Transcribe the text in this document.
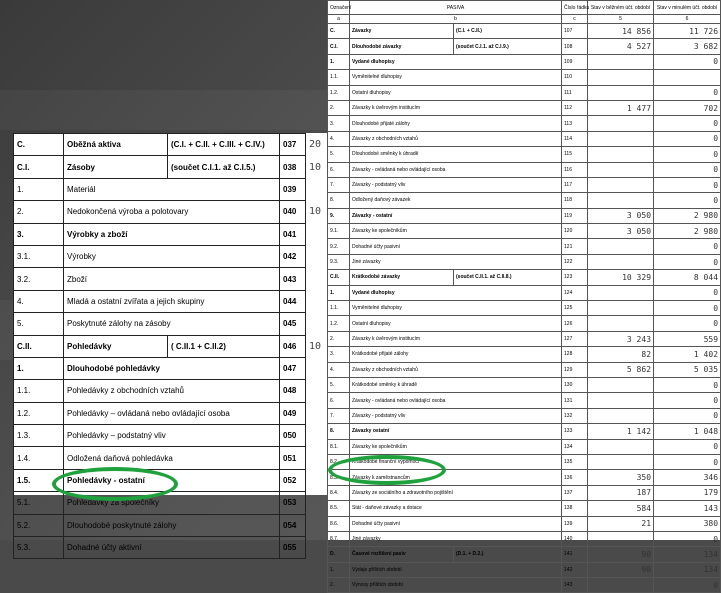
C.	Oběžná aktiva	(C.I. + C.II. + C.III. + C.IV.)	037	20
C.I.	Zásoby	(součet C.I.1. až C.I.5.)	038	10
1.	Materiál		039	
2.	Nedokončená výroba a polotovary		040	10
3.	Výrobky a zboží		041	
3.1.	Výrobky		042	
3.2.	Zboží		043	
4.	Mladá a ostatní zvířata a jejich skupiny		044	
5.	Poskytnuté zálohy na zásoby		045	
C.II.	Pohledávky	( C.II.1 + C.II.2)	046	10
1.	Dlouhodobé pohledávky		047	
1.1.	Pohledávky z obchodních vztahů		048	
1.2.	Pohledávky – ovládaná nebo ovládající osoba		049	
1.3.	Pohledávky – podstatný vliv		050	
1.4.	Odložená daňová pohledávka		051	
1.5.	Pohledávky - ostatní		052	
5.1.	Pohledávky za společníky		053	
5.2.	Dlouhodobé poskytnuté zálohy		054	
5.3.	Dohadné účty aktivní		055	
Označení	PASIVA		Číslo řádku	Stav v běžném účt. období	Stav v minulém účt. období
a	b		c	5	6
C.	Závazky	(C.I. + C.II.)	107	14 856	11 726
C.I.	Dlouhodobé závazky	(součet C.I.1. až C.I.9.)	108	4 527	3 682
1.	Vydané dluhopisy		109		0
1.1.	Vyměnitelné dluhopisy		110		
1.2.	Ostatní dluhopisy		111		0
2.	Závazky k úvěrovým institucím		112	1 477	702
3.	Dlouhodobé přijaté zálohy		113		0
4.	Závazky z obchodních vztahů		114		0
5.	Dlouhodobé směnky k úhradě		115		0
6.	Závazky - ovládaná nebo ovládající osoba		116		0
7.	Závazky - podstatný vliv		117		0
8.	Odložený daňový závazek		118		0
9.	Závazky - ostatní		119	3 050	2 980
9.1.	Závazky ke společníkům		120	3 050	2 980
9.2.	Dohadné účty pasivní		121		0
9.3.	Jiné závazky		122		0
C.II.	Krátkodobé závazky	(součet C.II.1. až C.II.8.)	123	10 329	8 044
1.	Vydané dluhopisy		124		0
1.1.	Vyměnitelné dluhopisy		125		0
1.2.	Ostatní dluhopisy		126		0
2.	Závazky k úvěrovým institucím		127	3 243	559
3.	Krátkodobé přijaté zálohy		128	82	1 402
4.	Závazky z obchodních vztahů		129	5 862	5 035
5.	Krátkodobé směnky k úhradě		130		0
6.	Závazky - ovládaná nebo ovládající osoba		131		0
7.	Závazky - podstatný vliv		132		0
8.	Závazky ostatní		133	1 142	1 048
8.1.	Závazky ke společníkům		134		0
8.2.	Krátkodobé finanční výpomoci		135		0
8.3.	Závazky k zaměstnancům		136	350	346
8.4.	Závazky ze sociálního a zdravotního pojištění		137	187	179
8.5.	Stát - daňové závazky a dotace		138	584	143
8.6.	Dohadné účty pasivní		139	21	380
8.7.	Jiné závazky		140		0
D.	Časové rozlišení pasiv	(D.1. + D.2.)	141	90	134
1.	Výdaje příštích období		142	90	134
2.	Výnosy příštích období		143		0
